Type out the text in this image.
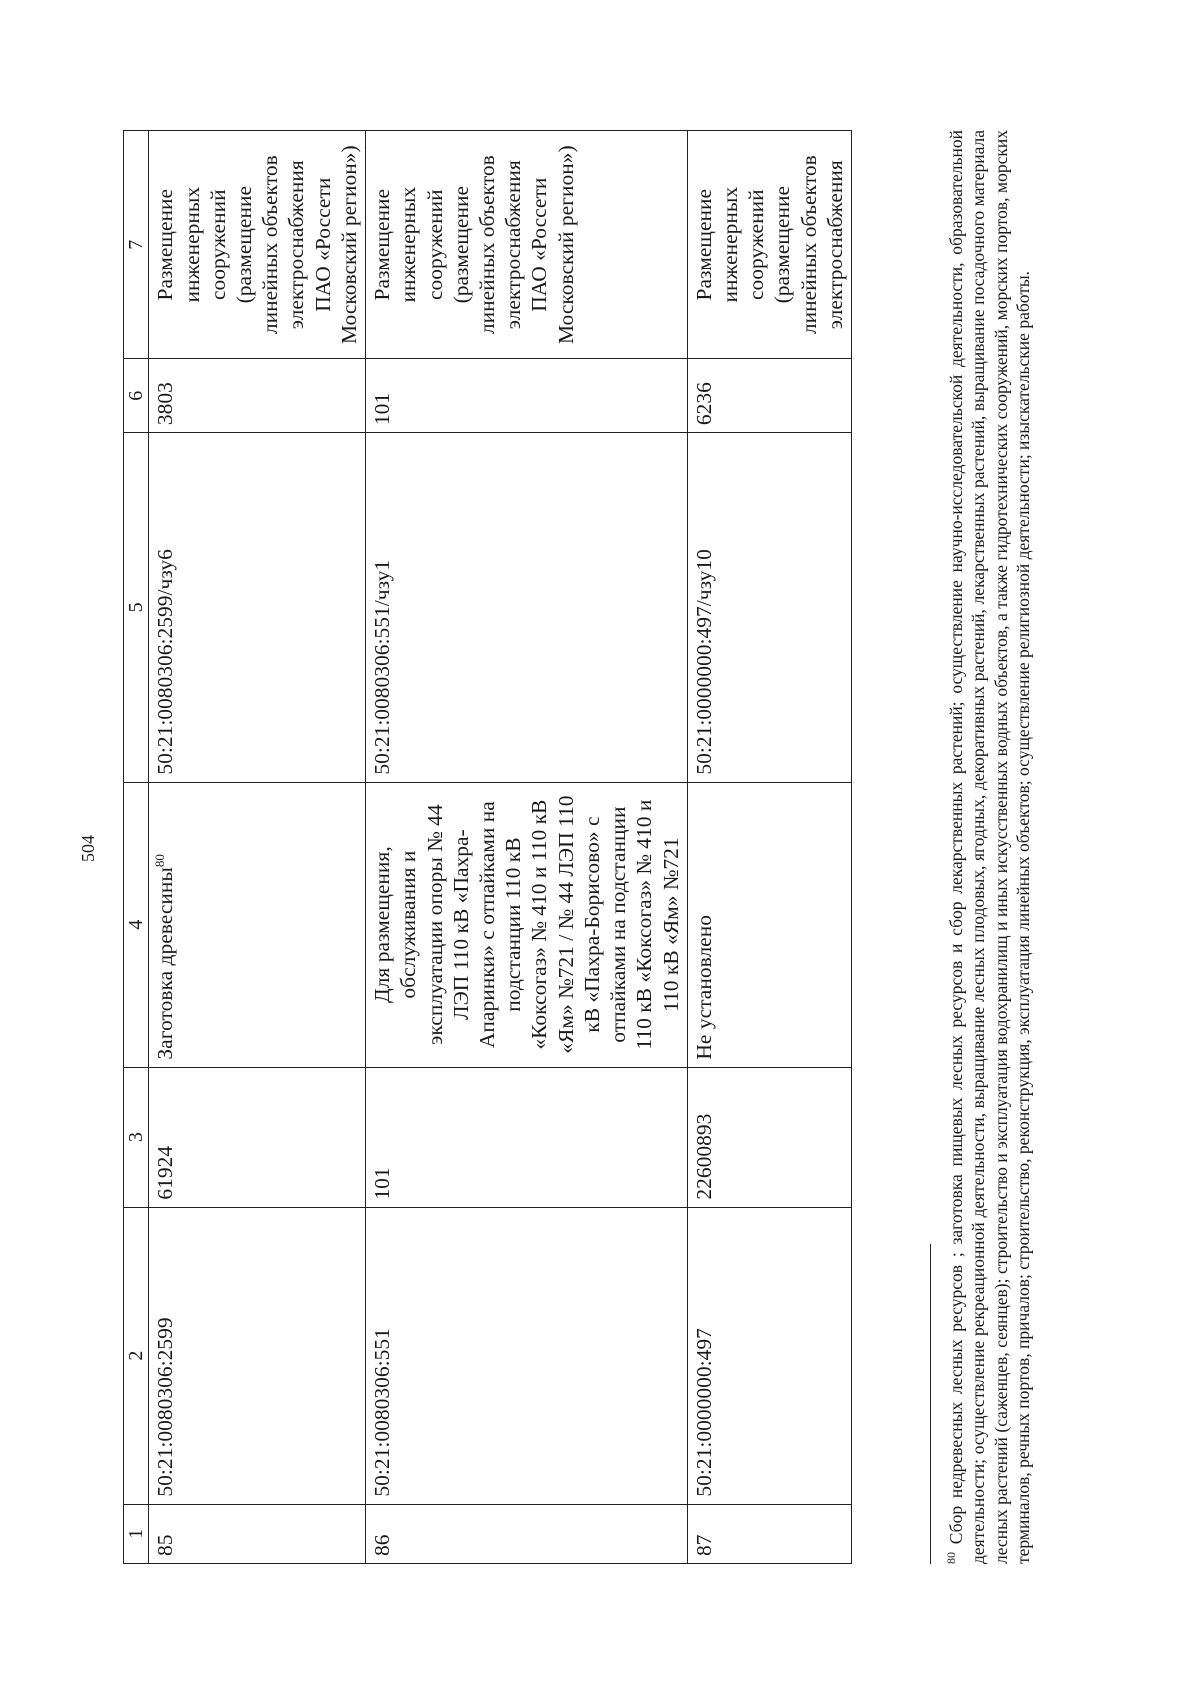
504
1	2	3	4	5	6	7
85	50:21:0080306:2599	61924	Заготовка древесины$^{80}$	50:21:0080306:2599/чзу6	3803	Размещение инженерных сооружений (размещение линейных объектов электроснабжения ПАО «Россети Московский регион»)
86	50:21:0080306:551	101	Для размещения, обслуживания и эксплуатации опоры № 44 ЛЭП 110 кВ «Пахра-Апаринки» с отпайками на подстанции 110 кВ «Коксогаз» № 410 и 110 кВ «Ям» №721 / № 44 ЛЭП 110 кВ «Пахра-Борисово» с отпайками на подстанции 110 кВ «Коксогаз» № 410 и 110 кВ «Ям» №721	50:21:0080306:551/чзу1	101	Размещение инженерных сооружений (размещение линейных объектов электроснабжения ПАО «Россети Московский регион»)
87	50:21:0000000:497	22600893	Не установлено	50:21:0000000:497/чзу10	6236	Размещение инженерных сооружений (размещение линейных объектов электроснабжения
$^{80}$ Сбор недревесных лесных ресурсов ; заготовка пищевых лесных ресурсов и сбор лекарственных растений; осуществление научно-исследовательской деятельности, образовательной деятельности; осуществление рекреационной деятельности, выращивание лесных плодовых, ягодных, декоративных растений, лекарственных растений, выращивание посадочного материала лесных растений (саженцев, сеянцев); строительство и эксплуатация водохранилищ и иных искусственных водных объектов, а также гидротехнических сооружений, морских портов, морских терминалов, речных портов, причалов; строительство, реконструкция, эксплуатация линейных объектов; осуществление религиозной деятельности; изыскательские работы.
